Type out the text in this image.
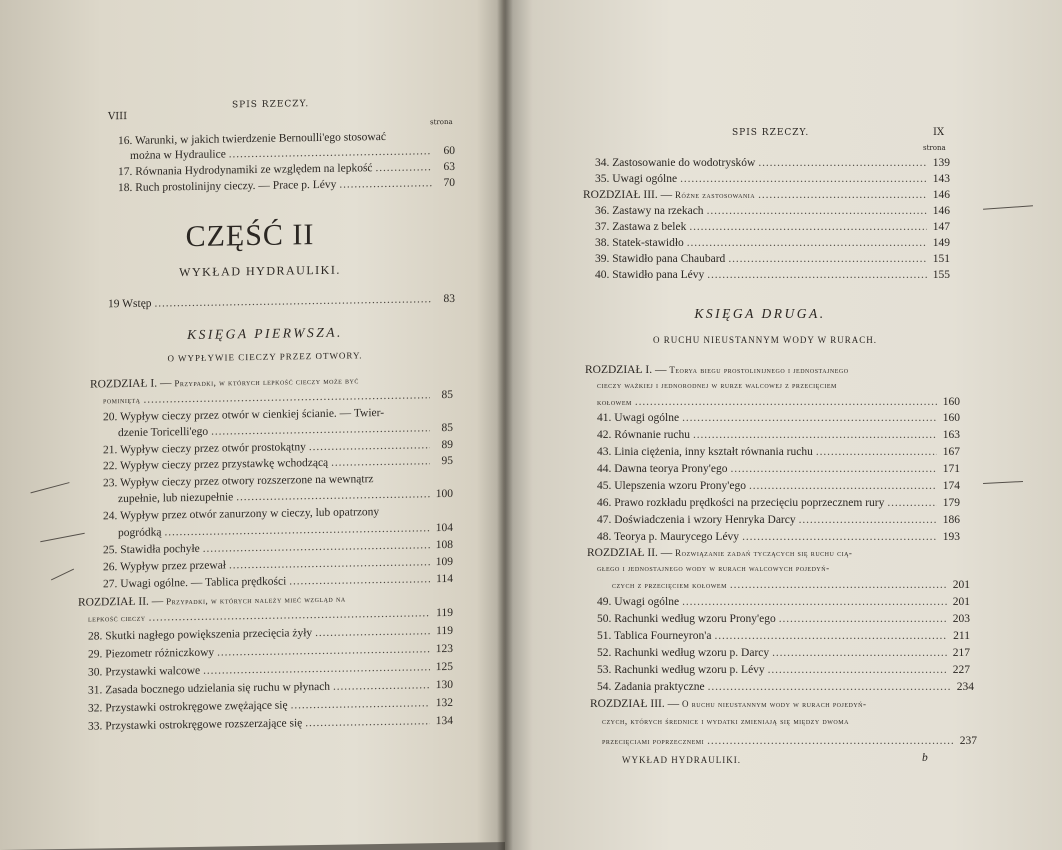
VIII
SPIS RZECZY.
strona
16. Warunki, w jakich twierdzenie Bernoulli'ego stosować
można w Hydraulice . . .	60
17. Równania Hydrodynamiki ze względem na lepkość . . .	63
18. Ruch prostolinijny cieczy. — Prace p. Lévy . . .	70
CZĘŚĆ II
WYKŁAD HYDRAULIKI.
19 Wstęp . . .	83
KSIĘGA PIERWSZA.
O WYPŁYWIE CIECZY PRZEZ OTWORY.
ROZDZIAŁ I. — Przypadki, w których lepkość cieczy może być
pominiętą . . .	85
20. Wypływ cieczy przez otwór w cienkiej ścianie. — Twier-
dzenie Toricelli'ego . . .	85
21. Wypływ cieczy przez otwór prostokątny . . .	89
22. Wypływ cieczy przez przystawkę wchodzącą . . .	95
23. Wypływ cieczy przez otwory rozszerzone na wewnątrz
zupełnie, lub niezupełnie . . .	100
24. Wypływ przez otwór zanurzony w cieczy, lub opatrzony
pogródką . . .	104
25. Stawidła pochyłe . . .	108
26. Wypływ przez przewał . . .	109
27. Uwagi ogólne. — Tablica prędkości . . .	114
ROZDZIAŁ II. — Przypadki, w których należy mieć wzgląd na
lepkość cieczy . . .	119
28. Skutki nagłego powiększenia przecięcia żyły . . .	119
29. Piezometr różniczkowy . . .	123
30. Przystawki walcowe . . .	125
31. Zasada bocznego udzielania się ruchu w płynach . . .	130
32. Przystawki ostrokręgowe zwężające się . . .	132
33. Przystawki ostrokręgowe rozszerzające się . . .	134
SPIS RZECZY.	IX
strona
34. Zastosowanie do wodotrysków . . .	139
35. Uwagi ogólne . . .	143
ROZDZIAŁ III. — Różne zastosowania . . .	146
36. Zastawy na rzekach . . .	146
37. Zastawa z belek . . .	147
38. Statek-stawidło . . .	149
39. Stawidło pana Chaubard . . .	151
40. Stawidło pana Lévy . . .	155
KSIĘGA DRUGA.
O RUCHU NIEUSTANNYM WODY W RURACH.
ROZDZIAŁ I. — Teorya biegu prostolinijnego i jednostajnego
cieczy ważkiej i jednorodnej w rurze walcowej z przecięciem
kołowem . . .	160
41. Uwagi ogólne . . .	160
42. Równanie ruchu . . .	163
43. Linia ciężenia, inny kształt równania ruchu . . .	167
44. Dawna teorya Prony'ego . . .	171
45. Ulepszenia wzoru Prony'ego . . .	174
46. Prawo rozkładu prędkości na przecięciu poprzecznem rury . . .	179
47. Doświadczenia i wzory Henryka Darcy . . .	186
48. Teorya p. Maurycego Lévy . . .	193
ROZDZIAŁ II. — Rozwiązanie zadań tyczących się ruchu cią-
głego i jednostajnego wody w rurach walcowych pojedyń-
czych z przecięciem kołowem . . .	201
49. Uwagi ogólne . . .	201
50. Rachunki według wzoru Prony'ego . . .	203
51. Tablica Fourneyron'a . . .	211
52. Rachunki według wzoru p. Darcy . . .	217
53. Rachunki według wzoru p. Lévy . . .	227
54. Zadania praktyczne . . .	234
ROZDZIAŁ III. — O ruchu nieustannym wody w rurach pojedyń-
czych, których średnice i wydatki zmieniają się między dwoma
przecięciami poprzecznemi . . .	237
WYKŁAD HYDRAULIKI.	b
